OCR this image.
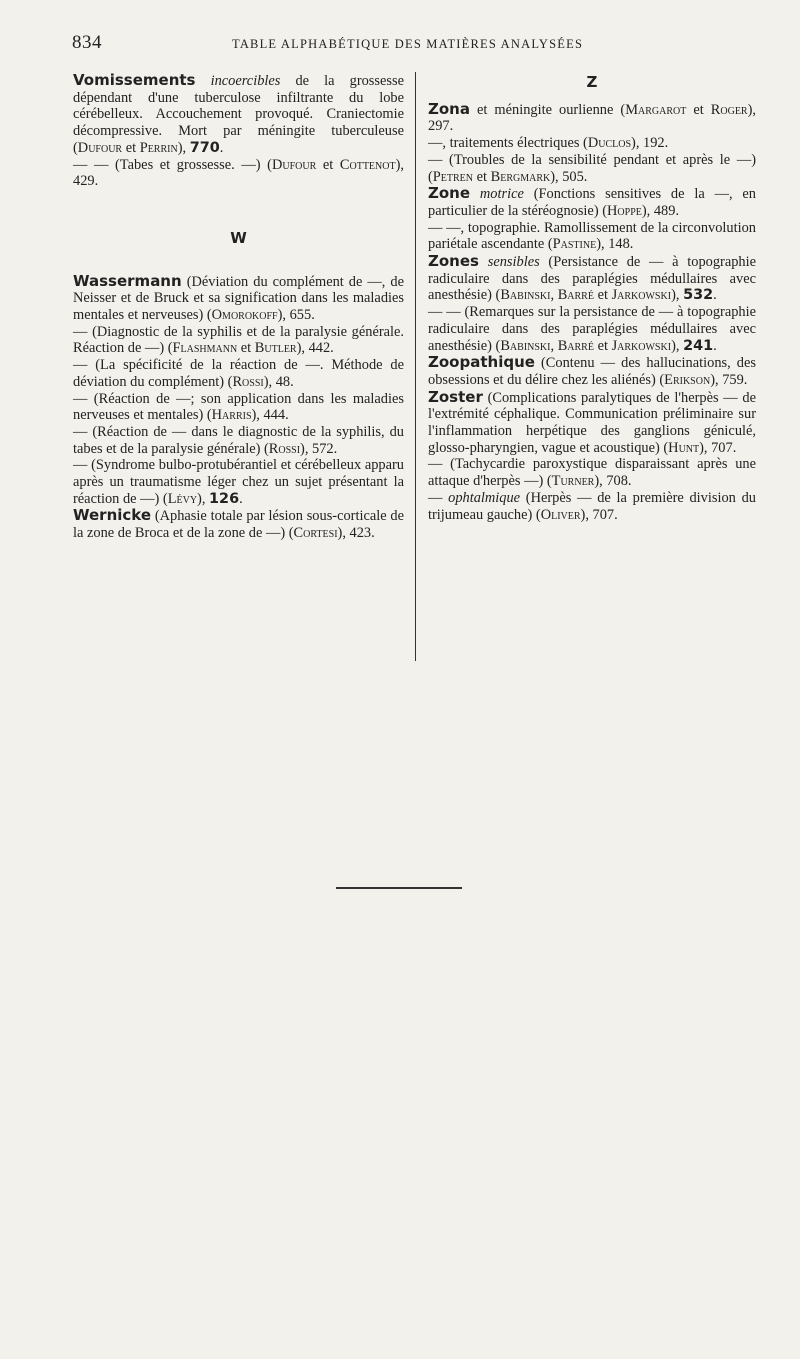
834	TABLE ALPHABÉTIQUE DES MATIÈRES ANALYSÉES

Vomissements incoercibles de la grossesse dépendant d'une tuberculose infiltrante du lobe cérébelleux. Accouchement provoqué. Craniectomie décompressive. Mort par méningite tuberculeuse (Dufour et Perrin), 770.

— — (Tabes et grossesse. —) (Dufour et Cottenot), 429.

W

Wassermann (Déviation du complément de —, de Neisser et de Bruck et sa signification dans les maladies mentales et nerveuses) (Omorokoff), 655.

— (Diagnostic de la syphilis et de la paralysie générale. Réaction de —) (Flashmann et Butler), 442.

— (La spécificité de la réaction de —. Méthode de déviation du complément) (Rossi), 48.

— (Réaction de —; son application dans les maladies nerveuses et mentales) (Harris), 444.

— (Réaction de — dans le diagnostic de la syphilis, du tabes et de la paralysie générale) (Rossi), 572.

— (Syndrome bulbo-protubérantiel et cérébelleux apparu après un traumatisme léger chez un sujet présentant la réaction de —) (Lévy), 126.

Wernicke (Aphasie totale par lésion sous-corticale de la zone de Broca et de la zone de —) (Cortesi), 423.

Z

Zona et méningite ourlienne (Margarot et Roger), 297.

—, traitements électriques (Duclos), 192.

— (Troubles de la sensibilité pendant et après le —) (Petren et Bergmark), 505.

Zone motrice (Fonctions sensitives de la —, en particulier de la stéréognosie) (Hoppe), 489.

— —, topographie. Ramollissement de la circonvolution pariétale ascendante (Pastine), 148.

Zones sensibles (Persistance de — à topographie radiculaire dans des paraplégies médullaires avec anesthésie) (Babinski, Barré et Jarkowski), 532.

— — (Remarques sur la persistance de — à topographie radiculaire dans des paraplégies médullaires avec anesthésie) (Babinski, Barré et Jarkowski), 241.

Zoopathique (Contenu — des hallucinations, des obsessions et du délire chez les aliénés) (Erikson), 759.

Zoster (Complications paralytiques de l'herpès — de l'extrémité céphalique. Communication préliminaire sur l'inflammation herpétique des ganglions géniculé, glosso-pharyngien, vague et acoustique) (Hunt), 707.

— (Tachycardie paroxystique disparaissant après une attaque d'herpès —) (Turner), 708.

— ophtalmique (Herpès — de la première division du trijumeau gauche) (Oliver), 707.
